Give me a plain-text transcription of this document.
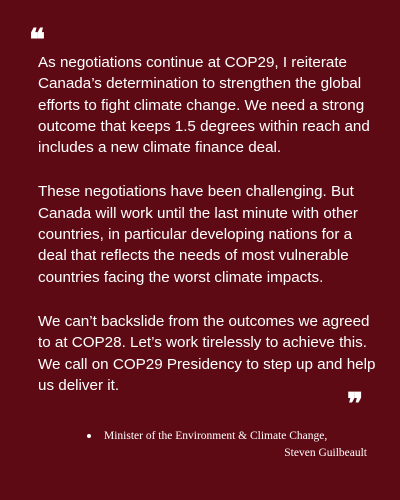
❝

As negotiations continue at COP29, I reiterate Canada’s determination to strengthen the global efforts to fight climate change. We need a strong outcome that keeps 1.5 degrees within reach and includes a new climate finance deal.

These negotiations have been challenging. But Canada will work until the last minute with other countries, in particular developing nations for a deal that reflects the needs of most vulnerable countries facing the worst climate impacts.

We can’t backslide from the outcomes we agreed to at COP28. Let’s work tirelessly to achieve this. We call on COP29 Presidency to step up and help us deliver it.

❞
Minister of the Environment & Climate Change,
Steven Guilbeault
